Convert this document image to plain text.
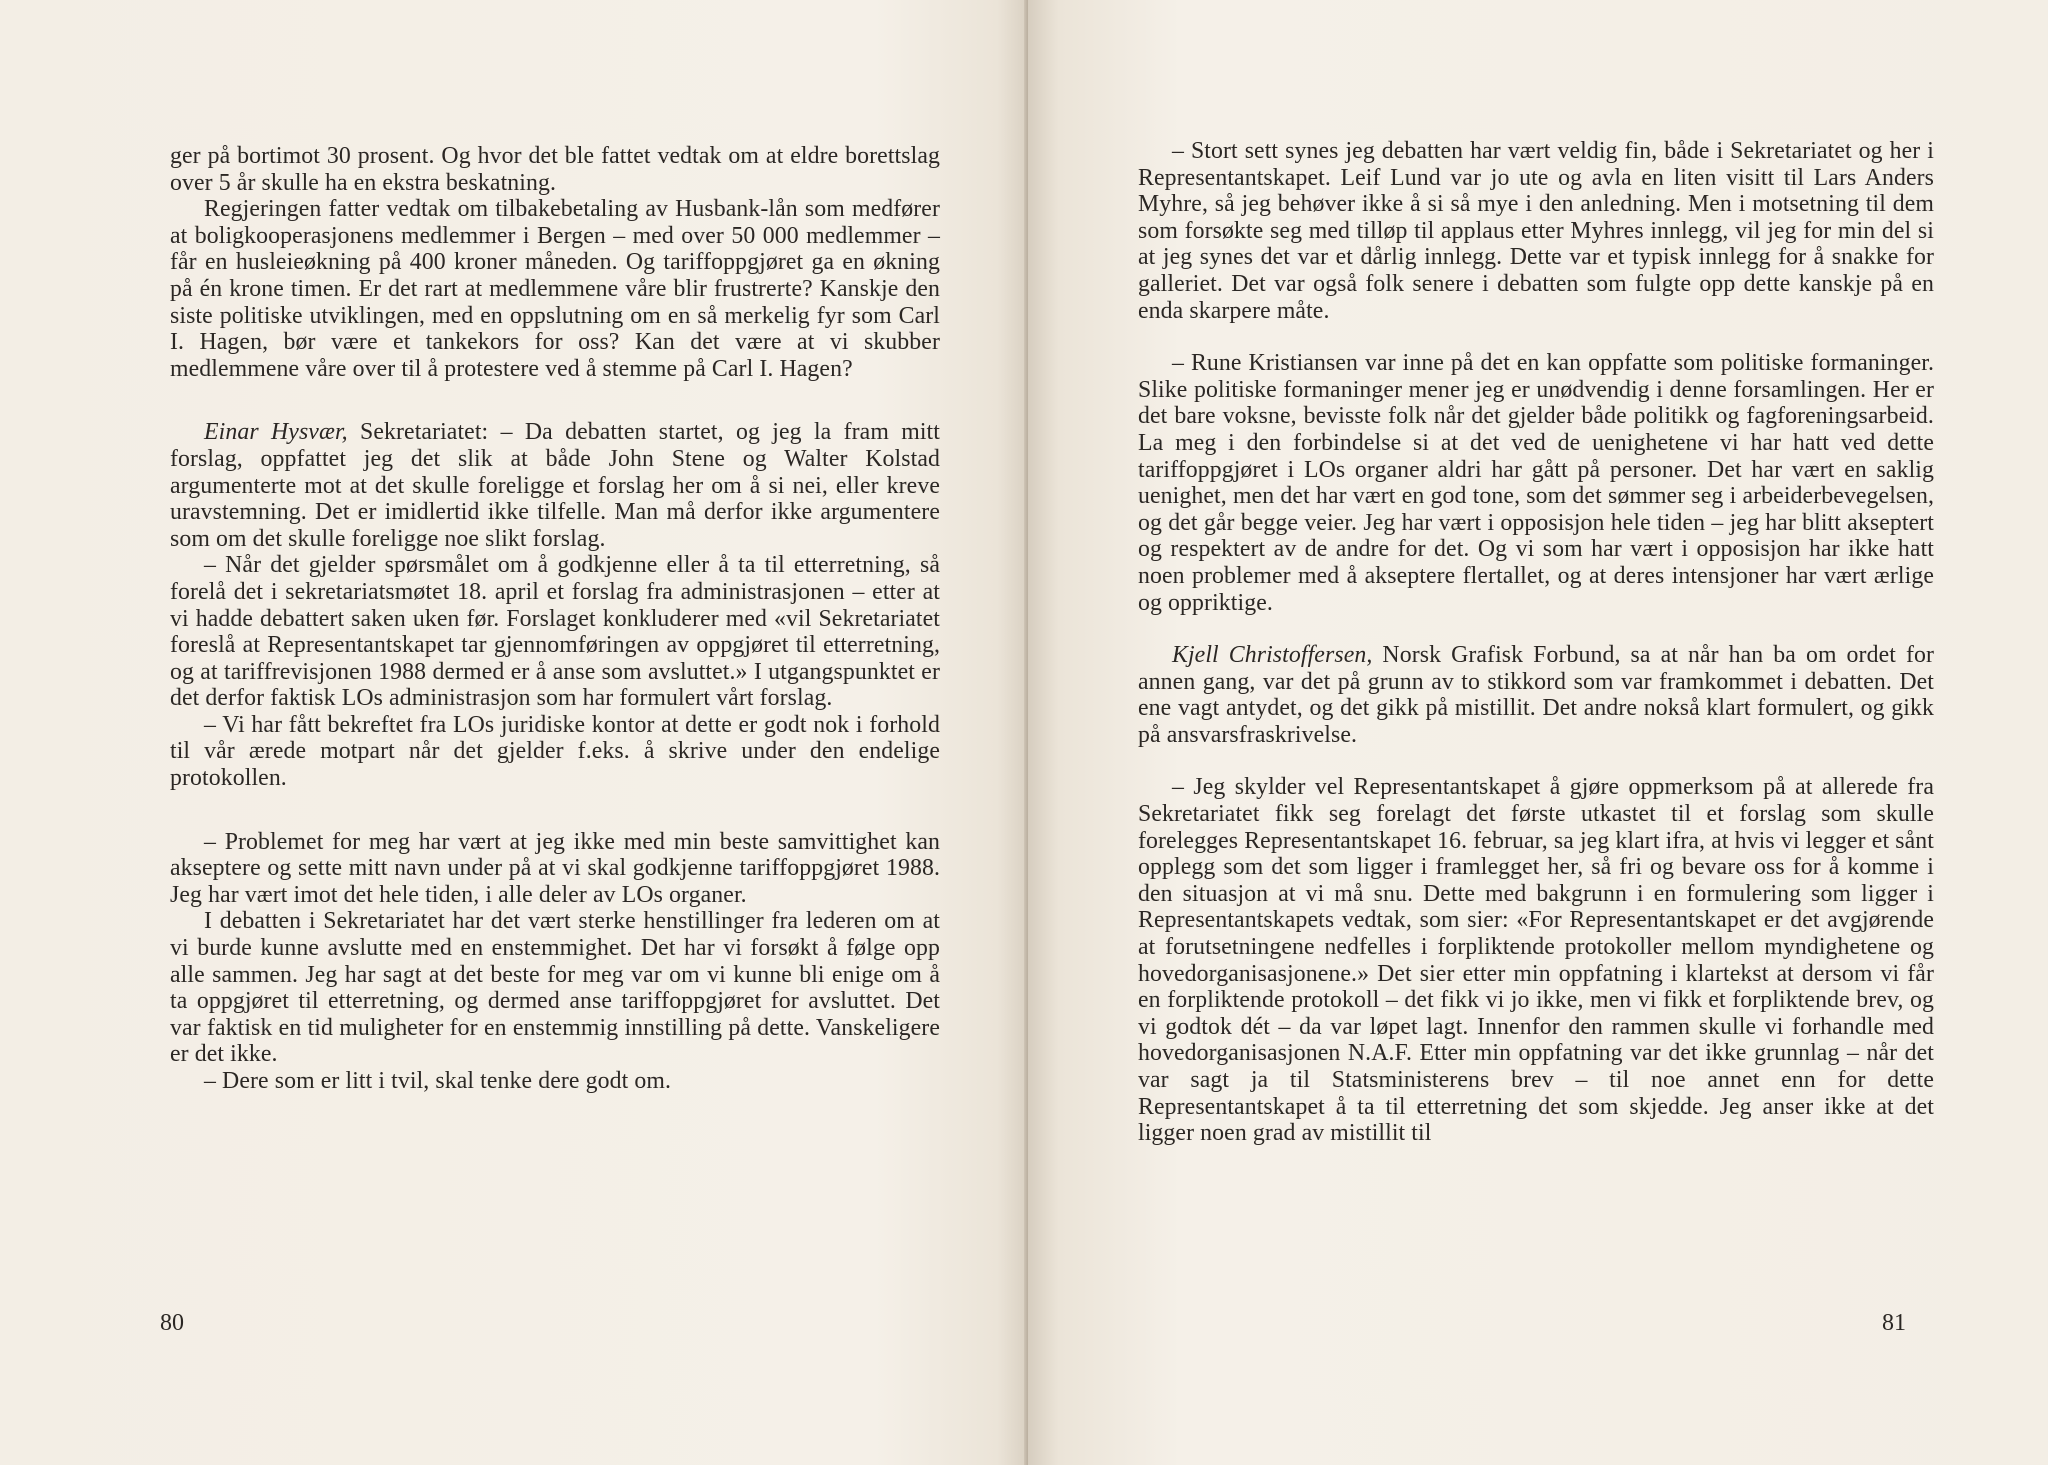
ger på bortimot 30 prosent. Og hvor det ble fattet vedtak om at eldre borettslag over 5 år skulle ha en ekstra beskatning.

Regjeringen fatter vedtak om tilbakebetaling av Husbank-lån som medfører at boligkooperasjonens medlemmer i Bergen – med over 50 000 medlemmer – får en husleieøkning på 400 kroner måneden. Og tariffoppgjøret ga en økning på én krone timen. Er det rart at medlemmene våre blir frustrerte? Kanskje den siste politiske utviklingen, med en oppslutning om en så merkelig fyr som Carl I. Hagen, bør være et tankekors for oss? Kan det være at vi skubber medlemmene våre over til å protestere ved å stemme på Carl I. Hagen?

Einar Hysvær, Sekretariatet: – Da debatten startet, og jeg la fram mitt forslag, oppfattet jeg det slik at både John Stene og Walter Kolstad argumenterte mot at det skulle foreligge et forslag her om å si nei, eller kreve uravstemning. Det er imidlertid ikke tilfelle. Man må derfor ikke argumentere som om det skulle foreligge noe slikt forslag.

– Når det gjelder spørsmålet om å godkjenne eller å ta til etterretning, så forelå det i sekretariatsmøtet 18. april et forslag fra administrasjonen – etter at vi hadde debattert saken uken før. Forslaget konkluderer med «vil Sekretariatet foreslå at Representantskapet tar gjennomføringen av oppgjøret til etterretning, og at tariffrevisjonen 1988 dermed er å anse som avsluttet.» I utgangspunktet er det derfor faktisk LOs administrasjon som har formulert vårt forslag.

– Vi har fått bekreftet fra LOs juridiske kontor at dette er godt nok i forhold til vår ærede motpart når det gjelder f.eks. å skrive under den endelige protokollen.

– Problemet for meg har vært at jeg ikke med min beste samvittighet kan akseptere og sette mitt navn under på at vi skal godkjenne tariffoppgjøret 1988. Jeg har vært imot det hele tiden, i alle deler av LOs organer.

I debatten i Sekretariatet har det vært sterke henstillinger fra lederen om at vi burde kunne avslutte med en enstemmighet. Det har vi forsøkt å følge opp alle sammen. Jeg har sagt at det beste for meg var om vi kunne bli enige om å ta oppgjøret til etterretning, og dermed anse tariffoppgjøret for avsluttet. Det var faktisk en tid muligheter for en enstemmig innstilling på dette. Vanskeligere er det ikke.

– Dere som er litt i tvil, skal tenke dere godt om.

80

– Stort sett synes jeg debatten har vært veldig fin, både i Sekretariatet og her i Representantskapet. Leif Lund var jo ute og avla en liten visitt til Lars Anders Myhre, så jeg behøver ikke å si så mye i den anledning. Men i motsetning til dem som forsøkte seg med tilløp til applaus etter Myhres innlegg, vil jeg for min del si at jeg synes det var et dårlig innlegg. Dette var et typisk innlegg for å snakke for galleriet. Det var også folk senere i debatten som fulgte opp dette kanskje på en enda skarpere måte.

– Rune Kristiansen var inne på det en kan oppfatte som politiske formaninger. Slike politiske formaninger mener jeg er unødvendig i denne forsamlingen. Her er det bare voksne, bevisste folk når det gjelder både politikk og fagforeningsarbeid. La meg i den forbindelse si at det ved de uenighetene vi har hatt ved dette tariffoppgjøret i LOs organer aldri har gått på personer. Det har vært en saklig uenighet, men det har vært en god tone, som det sømmer seg i arbeiderbevegelsen, og det går begge veier. Jeg har vært i opposisjon hele tiden – jeg har blitt akseptert og respektert av de andre for det. Og vi som har vært i opposisjon har ikke hatt noen problemer med å akseptere flertallet, og at deres intensjoner har vært ærlige og oppriktige.

Kjell Christoffersen, Norsk Grafisk Forbund, sa at når han ba om ordet for annen gang, var det på grunn av to stikkord som var framkommet i debatten. Det ene vagt antydet, og det gikk på mistillit. Det andre nokså klart formulert, og gikk på ansvarsfraskrivelse.

– Jeg skylder vel Representantskapet å gjøre oppmerksom på at allerede fra Sekretariatet fikk seg forelagt det første utkastet til et forslag som skulle forelegges Representantskapet 16. februar, sa jeg klart ifra, at hvis vi legger et sånt opplegg som det som ligger i framlegget her, så fri og bevare oss for å komme i den situasjon at vi må snu. Dette med bakgrunn i en formulering som ligger i Representantskapets vedtak, som sier: «For Representantskapet er det avgjørende at forutsetningene nedfelles i forpliktende protokoller mellom myndighetene og hovedorganisasjonene.» Det sier etter min oppfatning i klartekst at dersom vi får en forpliktende protokoll – det fikk vi jo ikke, men vi fikk et forpliktende brev, og vi godtok dét – da var løpet lagt. Innenfor den rammen skulle vi forhandle med hovedorganisasjonen N.A.F. Etter min oppfatning var det ikke grunnlag – når det var sagt ja til Statsministerens brev – til noe annet enn for dette Representantskapet å ta til etterretning det som skjedde. Jeg anser ikke at det ligger noen grad av mistillit til

81
